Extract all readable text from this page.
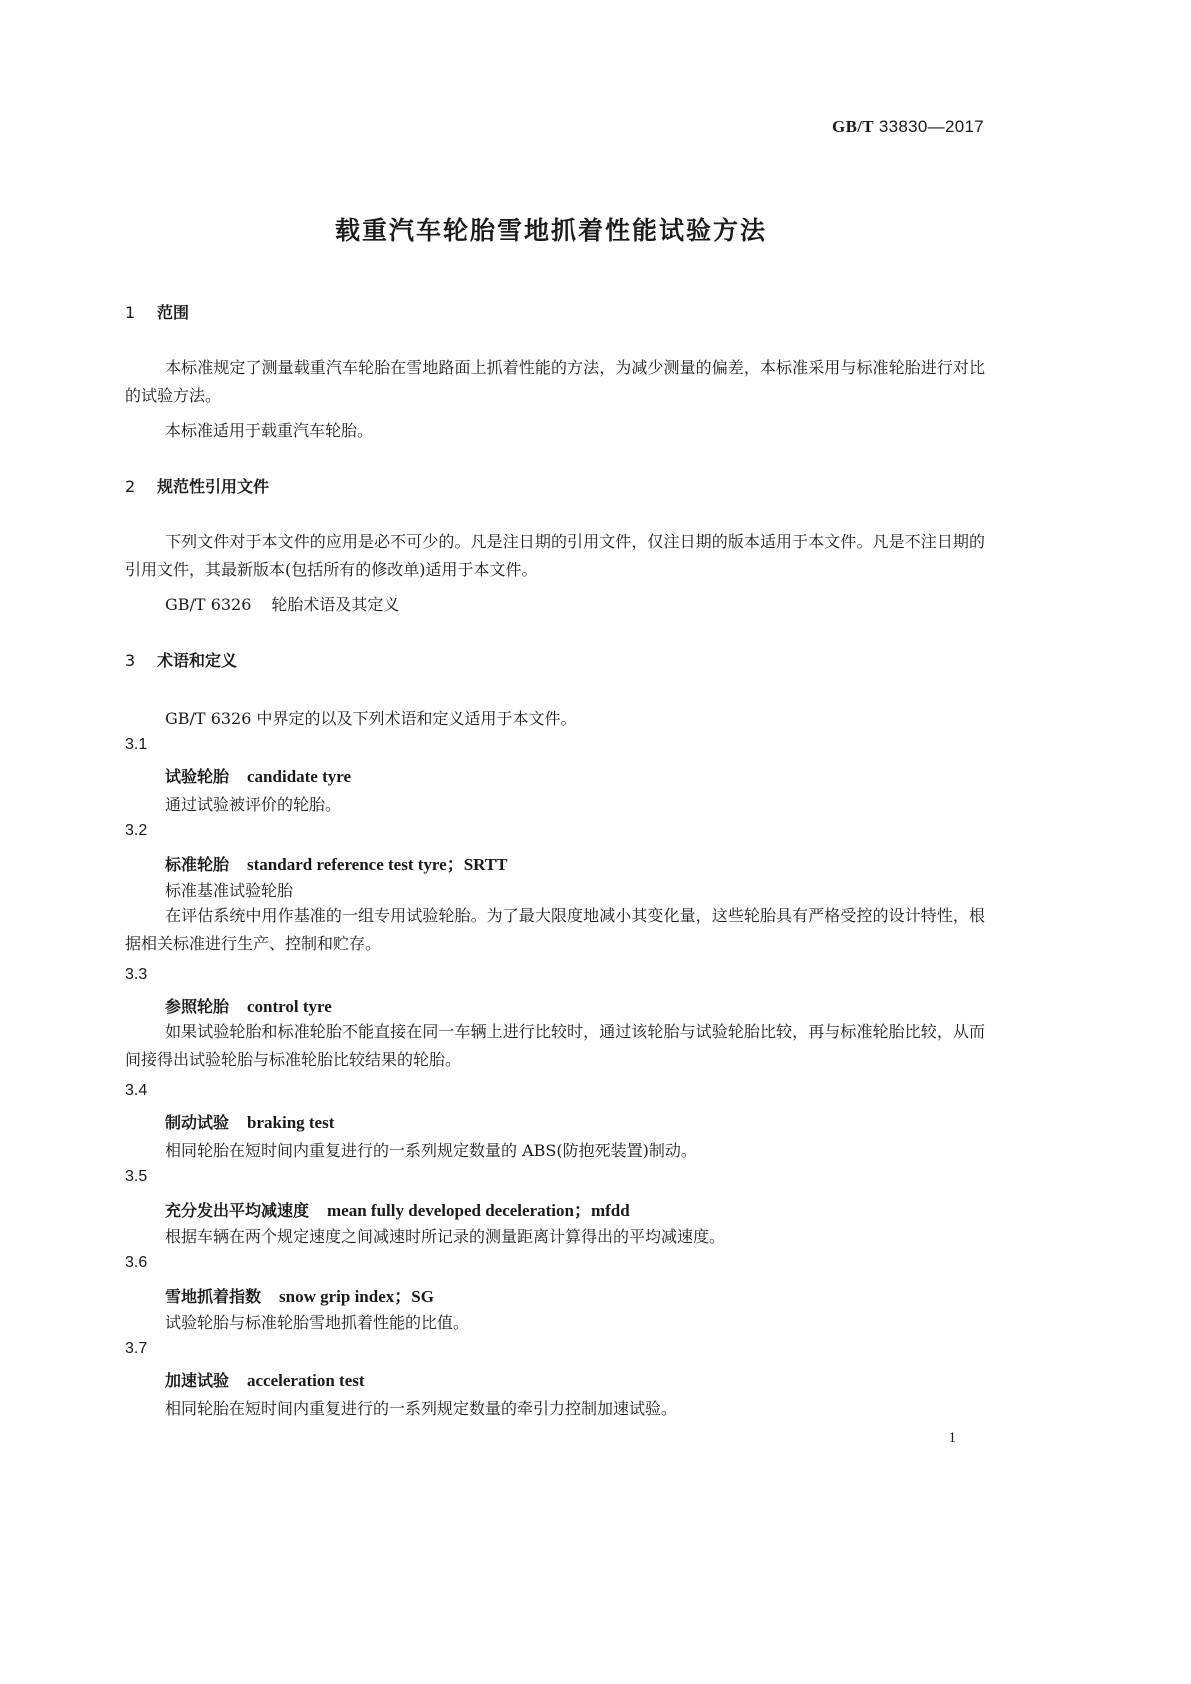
GB/T 33830—2017
载重汽车轮胎雪地抓着性能试验方法
1 范围
本标准规定了测量载重汽车轮胎在雪地路面上抓着性能的方法，为减少测量的偏差，本标准采用与标准轮胎进行对比的试验方法。
本标准适用于载重汽车轮胎。
2 规范性引用文件
下列文件对于本文件的应用是必不可少的。凡是注日期的引用文件，仅注日期的版本适用于本文件。凡是不注日期的引用文件，其最新版本(包括所有的修改单)适用于本文件。
GB/T 6326 轮胎术语及其定义
3 术语和定义
GB/T 6326 中界定的以及下列术语和定义适用于本文件。
3.1
试验轮胎 candidate tyre
通过试验被评价的轮胎。
3.2
标准轮胎 standard reference test tyre；SRTT
标准基准试验轮胎
在评估系统中用作基准的一组专用试验轮胎。为了最大限度地减小其变化量，这些轮胎具有严格受控的设计特性，根据相关标准进行生产、控制和贮存。
3.3
参照轮胎 control tyre
如果试验轮胎和标准轮胎不能直接在同一车辆上进行比较时，通过该轮胎与试验轮胎比较，再与标准轮胎比较，从而间接得出试验轮胎与标准轮胎比较结果的轮胎。
3.4
制动试验 braking test
相同轮胎在短时间内重复进行的一系列规定数量的 ABS(防抱死装置)制动。
3.5
充分发出平均减速度 mean fully developed deceleration；mfdd
根据车辆在两个规定速度之间减速时所记录的测量距离计算得出的平均减速度。
3.6
雪地抓着指数 snow grip index；SG
试验轮胎与标准轮胎雪地抓着性能的比值。
3.7
加速试验 acceleration test
相同轮胎在短时间内重复进行的一系列规定数量的牵引力控制加速试验。
1
